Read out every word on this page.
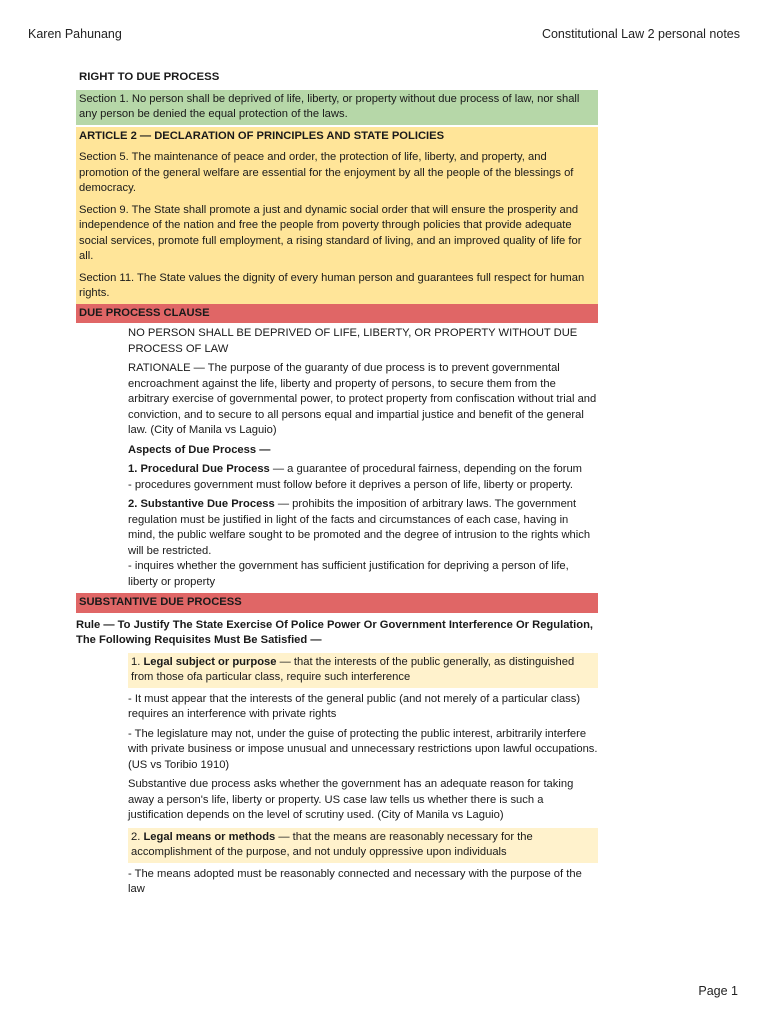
Karen Pahunang	Constitutional Law 2 personal notes
RIGHT TO DUE PROCESS
Section 1. No person shall be deprived of life, liberty, or property without due process of law, nor shall any person be denied the equal protection of the laws.
ARTICLE 2 — DECLARATION OF PRINCIPLES AND STATE POLICIES
Section 5. The maintenance of peace and order, the protection of life, liberty, and property, and promotion of the general welfare are essential for the enjoyment by all the people of the blessings of democracy.
Section 9. The State shall promote a just and dynamic social order that will ensure the prosperity and independence of the nation and free the people from poverty through policies that provide adequate social services, promote full employment, a rising standard of living, and an improved quality of life for all.
Section 11. The State values the dignity of every human person and guarantees full respect for human rights.
DUE PROCESS CLAUSE

NO PERSON SHALL BE DEPRIVED OF LIFE, LIBERTY, OR PROPERTY WITHOUT DUE PROCESS OF LAW

RATIONALE — The purpose of the guaranty of due process is to prevent governmental encroachment against the life, liberty and property of persons, to secure them from the arbitrary exercise of governmental power, to protect property from confiscation without trial and conviction, and to secure to all persons equal and impartial justice and benefit of the general law. (City of Manila vs Laguio)

Aspects of Due Process —

1. Procedural Due Process — a guarantee of procedural fairness, depending on the forum

- procedures government must follow before it deprives a person of life, liberty or property.

2. Substantive Due Process — prohibits the imposition of arbitrary laws. The government regulation must be justified in light of the facts and circumstances of each case, having in mind, the public welfare sought to be promoted and the degree of intrusion to the rights which will be restricted.

- inquires whether the government has sufficient justification for depriving a person of life, liberty or property

SUBSTANTIVE DUE PROCESS

Rule — To Justify The State Exercise Of Police Power Or Government Interference Or Regulation, The Following Requisites Must Be Satisfied —

1. Legal subject or purpose — that the interests of the public generally, as distinguished from those ofa particular class, require such interference

- It must appear that the interests of the general public (and not merely of a particular class) requires an interference with private rights

- The legislature may not, under the guise of protecting the public interest, arbitrarily interfere with private business or impose unusual and unnecessary restrictions upon lawful occupations. (US vs Toribio 1910)

Substantive due process asks whether the government has an adequate reason for taking away a person's life, liberty or property. US case law tells us whether there is such a justification depends on the level of scrutiny used. (City of Manila vs Laguio)

2. Legal means or methods — that the means are reasonably necessary for the accomplishment of the purpose, and not unduly oppressive upon individuals

- The means adopted must be reasonably connected and necessary with the purpose of the law

Page 1
